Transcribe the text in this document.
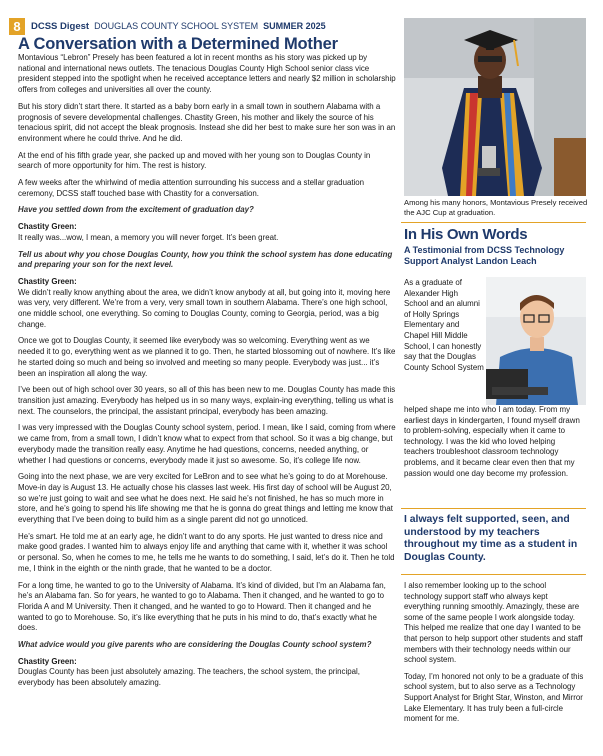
8	DCSS Digest DOUGLAS COUNTY SCHOOL SYSTEM SUMMER 2025
A Conversation with a Determined Mother

Montavious “Lebron” Presely has been featured a lot in recent months as his story was picked up by national and international news outlets. The tenacious Douglas County High School senior class vice president stepped into the spotlight when he received acceptance letters and nearly $2 million in scholarship offers from colleges and universities all over the county.

But his story didn’t start there. It started as a baby born early in a small town in southern Alabama with a prognosis of severe developmental challenges. Chastity Green, his mother and likely the source of his tenacious spirit, did not accept the bleak prognosis. Instead she did her best to make sure her son was in an environment where he could thrive. And he did.

At the end of his fifth grade year, she packed up and moved with her young son to Douglas County in search of more opportunity for him. The rest is history.

A few weeks after the whirlwind of media attention surrounding his success and a stellar graduation ceremony, DCSS staff touched base with Chastity for a conversation.

Have you settled down from the excitement of graduation day?

Chastity Green:

It really was...wow, I mean, a memory you will never forget. It’s been great.

Tell us about why you chose Douglas County, how you think the school system has done educating and preparing your son for the next level.

Chastity Green:

We didn’t really know anything about the area, we didn’t know anybody at all, but going into it, moving here was very, very different. We’re from a very, very small town in southern Alabama. There’s one high school, one middle school, one everything. So coming to Douglas County, coming to Georgia, period, was a big change.

Once we got to Douglas County, it seemed like everybody was so welcoming. Everything went as we needed it to go, everything went as we planned it to go. Then, he started blossoming out of nowhere. It’s like he started doing so much and being so involved and meeting so many people. Everybody was just... it’s been an inspiration all along the way.

I’ve been out of high school over 30 years, so all of this has been new to me. Douglas County has made this transition just amazing. Everybody has helped us in so many ways, explain-ing everything, telling us what is next. The counselors, the principal, the assistant principal, everybody has been amazing.

I was very impressed with the Douglas County school system, period. I mean, like I said, coming from where we came from, from a small town, I didn’t know what to expect from that school. So it was a big change, but everybody made the transition really easy. Anytime he had questions, concerns, needed anything, or whether I had questions or concerns, everybody made it just so awesome. So, it’s college life now.

Going into the next phase, we are very excited for LeBron and to see what he’s going to do at Morehouse. Move-in day is August 13. He actually chose his classes last week. His first day of school will be August 20, so we’re just going to wait and see what he does next. He said he’s not finished, he has so much more in store, and he’s going to spend his life showing me that he is gonna do great things and letting me know that everything that I’ve been doing to build him as a single parent did not go unnoticed.

He’s smart. He told me at an early age, he didn’t want to do any sports. He just wanted to dress nice and make good grades. I wanted him to always enjoy life and anything that came with it, whether it was school or personal. So, when he comes to me, he tells me he wants to do something, I said, let’s do it. Then he told me, I think in the eighth or the ninth grade, that he wanted to be a doctor.

For a long time, he wanted to go to the University of Alabama. It’s kind of divided, but I’m an Alabama fan, he’s an Alabama fan. So for years, he wanted to go to Alabama. Then it changed, and he wanted to go to Florida A and M University. Then it changed, and he wanted to go to Howard. Then it changed and he wanted to go to Morehouse. So, it’s like everything that he puts in his mind to do, that’s exactly what he does.

What advice would you give parents who are considering the Douglas County school system?

Chastity Green:

Douglas County has been just absolutely amazing. The teachers, the school system, the principal, everybody has been absolutely amazing.

Among his many honors, Montavious Presely received the AJC Cup at graduation.
In His Own Words
A Testimonial from DCSS Technology Support Analyst Landon Leach
As a graduate of Alexander High School and an alumni of Holly Springs Elementary and Chapel Hill Middle School, I can honestly say that the Douglas County School System
helped shape me into who I am today. From my earliest days in kindergarten, I found myself drawn to problem-solving, especially when it came to technology. I was the kid who loved helping teachers troubleshoot classroom technology problems, and it became clear even then that my passion would one day become my profession.
I always felt supported, seen, and understood by my teachers throughout my time as a student in Douglas County.

I also remember looking up to the school technology support staff who always kept everything running smoothly. Amazingly, these are some of the same people I work alongside today. This helped me realize that one day I wanted to be that person to help support other students and staff members with their technology needs within our school system.

Today, I’m honored not only to be a graduate of this school system, but to also serve as a Technology Support Analyst for Bright Star, Winston, and Mirror Lake Elementary. It has truly been a full-circle moment for me.
